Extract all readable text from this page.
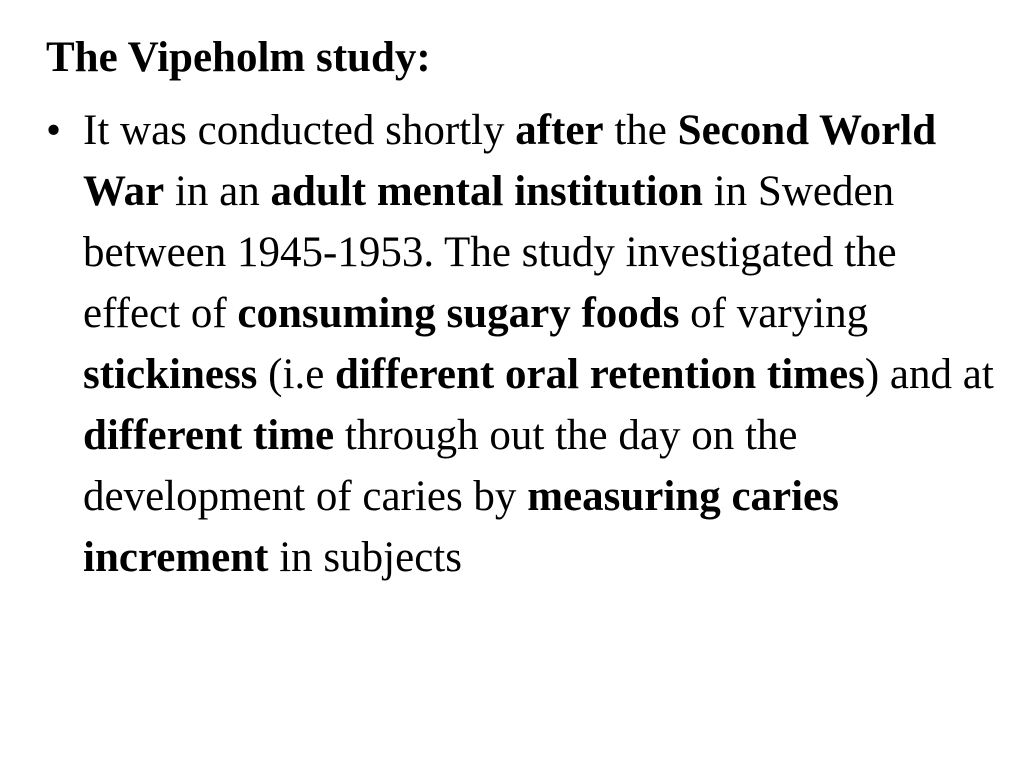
The Vipeholm study:
• It was conducted shortly after the Second World War in an adult mental institution in Sweden between 1945-1953. The study investigated the effect of consuming sugary foods of varying stickiness (i.e different oral retention times) and at different time through out the day on the development of caries by measuring caries increment in subjects
